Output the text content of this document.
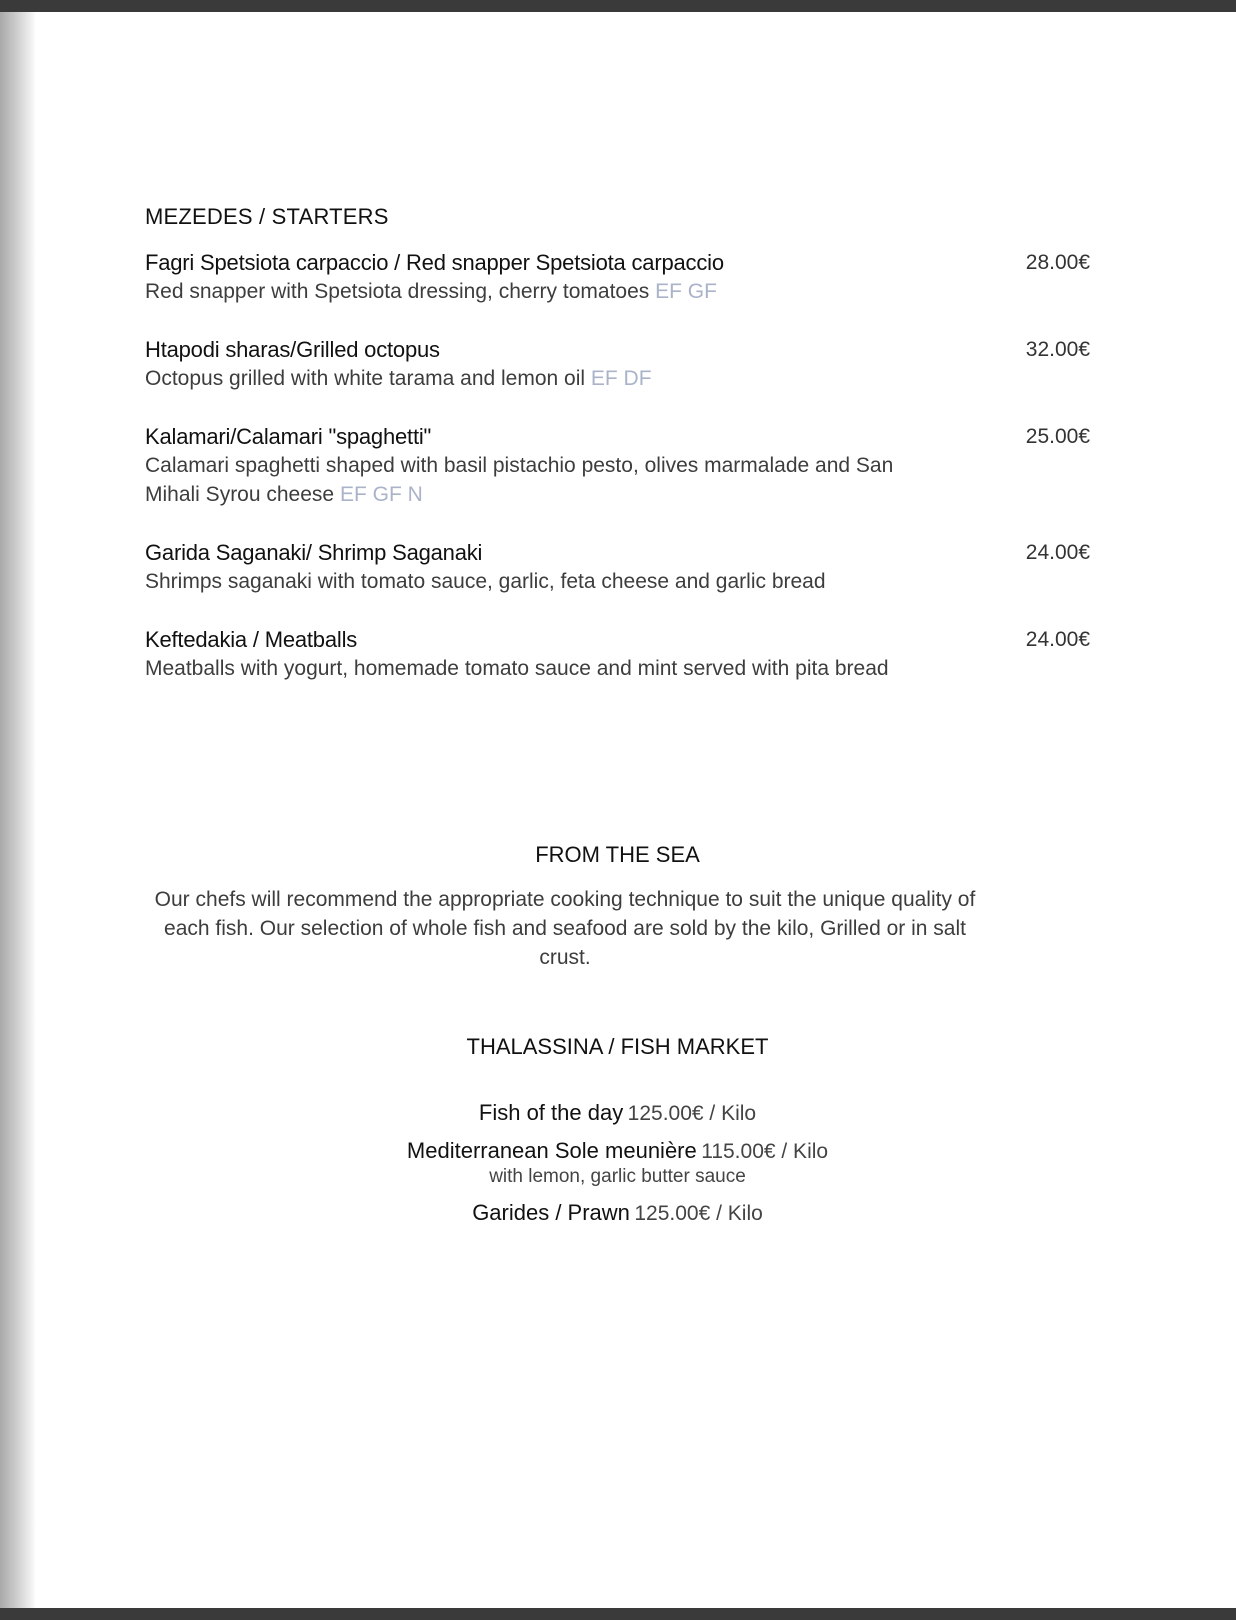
MEZEDES / STARTERS
Fagri Spetsiota carpaccio / Red snapper Spetsiota carpaccio
Red snapper with Spetsiota dressing, cherry tomatoes EF GF
28.00€
Htapodi sharas/Grilled octopus
Octopus grilled with white tarama and lemon oil EF DF
32.00€
Kalamari/Calamari "spaghetti"
Calamari spaghetti shaped with basil pistachio pesto, olives marmalade and San Mihali Syrou cheese EF GF N
25.00€
Garida Saganaki/ Shrimp Saganaki
Shrimps saganaki with tomato sauce, garlic, feta cheese and garlic bread
24.00€
Keftedakia / Meatballs
Meatballs with yogurt, homemade tomato sauce and mint served with pita bread
24.00€
FROM THE SEA
Our chefs will recommend the appropriate cooking technique to suit the unique quality of each fish. Our selection of whole fish and seafood are sold by the kilo, Grilled or in salt crust.
THALASSINA / FISH MARKET
Fish of the day 125.00€ / Kilo
Mediterranean Sole meunière 115.00€ / Kilo
with lemon, garlic butter sauce
Garides / Prawn 125.00€ / Kilo
